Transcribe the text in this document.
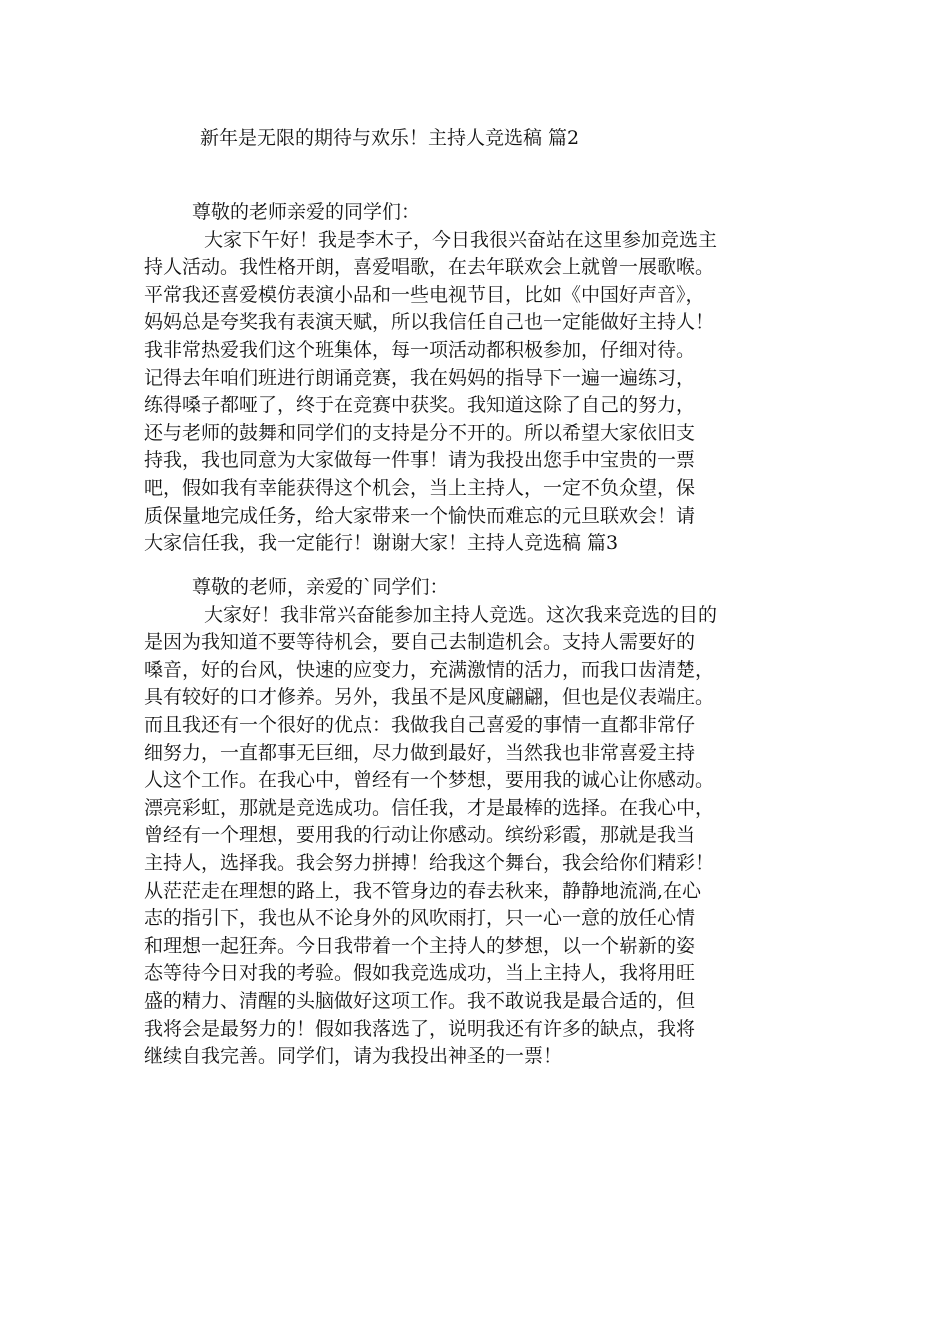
新年是无限的期待与欢乐！主持人竞选稿 篇2

尊敬的老师亲爱的同学们：

大家下午好！我是李木子，今日我很兴奋站在这里参加竞选主

持人活动。我性格开朗，喜爱唱歌，在去年联欢会上就曾一展歌喉。

平常我还喜爱模仿表演小品和一些电视节目，比如《中国好声音》，

妈妈总是夸奖我有表演天赋，所以我信任自己也一定能做好主持人！

我非常热爱我们这个班集体，每一项活动都积极参加，仔细对待。

记得去年咱们班进行朗诵竞赛，我在妈妈的指导下一遍一遍练习，

练得嗓子都哑了，终于在竞赛中获奖。我知道这除了自己的努力，

还与老师的鼓舞和同学们的支持是分不开的。所以希望大家依旧支

持我，我也同意为大家做每一件事！请为我投出您手中宝贵的一票

吧，假如我有幸能获得这个机会，当上主持人，一定不负众望，保

质保量地完成任务，给大家带来一个愉快而难忘的元旦联欢会！请

大家信任我，我一定能行！谢谢大家！主持人竞选稿 篇3

尊敬的老师，亲爱的`同学们：

大家好！我非常兴奋能参加主持人竞选。这次我来竞选的目的

是因为我知道不要等待机会，要自己去制造机会。支持人需要好的

嗓音，好的台风，快速的应变力，充满激情的活力，而我口齿清楚，

具有较好的口才修养。另外，我虽不是风度翩翩，但也是仪表端庄。

而且我还有一个很好的优点：我做我自己喜爱的事情一直都非常仔

细努力，一直都事无巨细，尽力做到最好，当然我也非常喜爱主持

人这个工作。在我心中，曾经有一个梦想，要用我的诚心让你感动。

漂亮彩虹，那就是竞选成功。信任我，才是最棒的选择。在我心中，

曾经有一个理想，要用我的行动让你感动。缤纷彩霞，那就是我当

主持人，选择我。我会努力拼搏！给我这个舞台，我会给你们精彩！

从茫茫走在理想的路上，我不管身边的春去秋来，静静地流淌,在心

志的指引下，我也从不论身外的风吹雨打，只一心一意的放任心情

和理想一起狂奔。今日我带着一个主持人的梦想，以一个崭新的姿

态等待今日对我的考验。假如我竞选成功，当上主持人，我将用旺

盛的精力、清醒的头脑做好这项工作。我不敢说我是最合适的，但

我将会是最努力的！假如我落选了，说明我还有许多的缺点，我将

继续自我完善。同学们，请为我投出神圣的一票！
